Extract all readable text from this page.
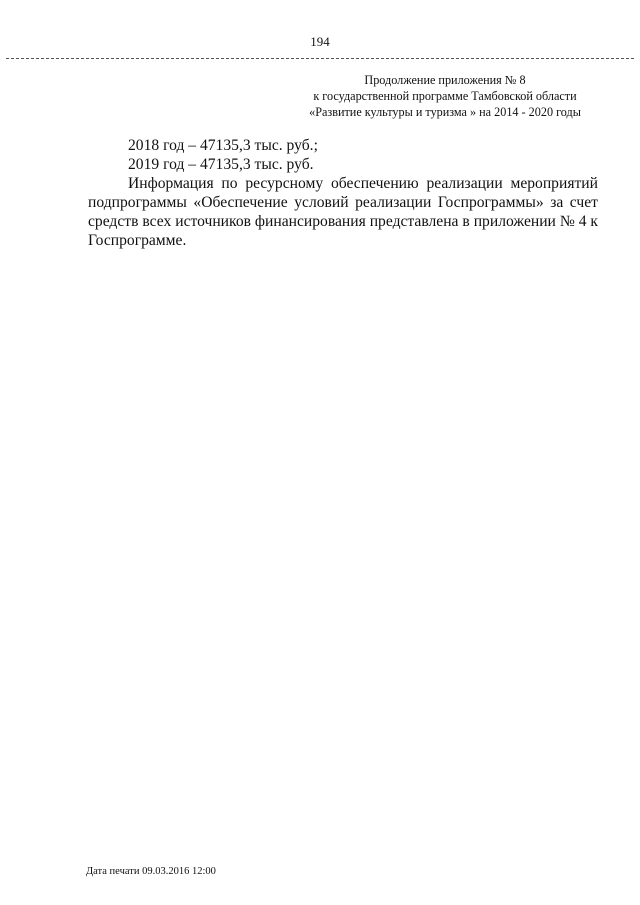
194
Продолжение приложения № 8
к государственной программе Тамбовской области
«Развитие культуры и туризма » на 2014 - 2020 годы
2018 год – 47135,3 тыс. руб.;
2019 год – 47135,3 тыс. руб.
Информация по ресурсному обеспечению реализации мероприятий
подпрограммы «Обеспечение условий реализации Госпрограммы» за счет
средств всех источников финансирования представлена в приложении № 4 к
Госпрограмме.
Дата печати 09.03.2016 12:00
